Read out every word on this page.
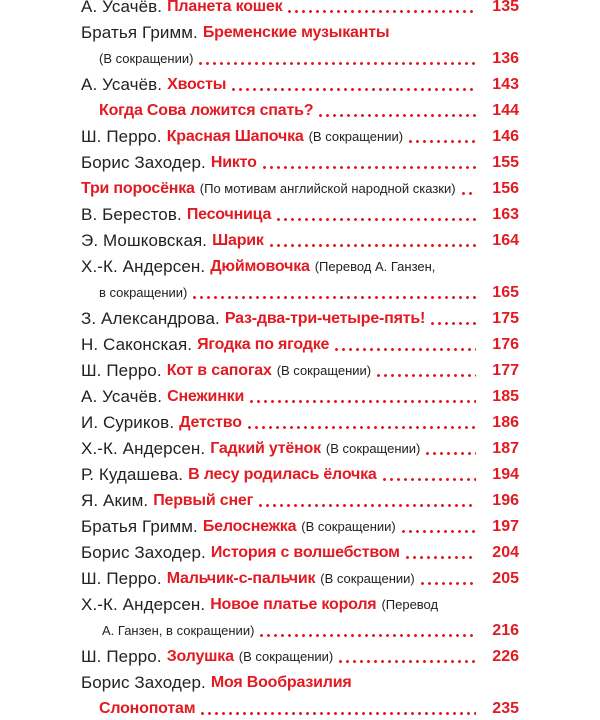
А. Усачёв. Планета кошек	135
Братья Гримм. Бременские музыканты
(В сокращении)	136
А. Усачёв. Хвосты	143
Когда Сова ложится спать?	144
Ш. Перро. Красная Шапочка (В сокращении)	146
Борис Заходер. Никто	155
Три поросёнка (По мотивам английской народной сказки) 156
В. Берестов. Песочница	163
Э. Мошковская. Шарик	164
Х.-К. Андерсен. Дюймовочка (Перевод А. Ганзен,
в сокращении)	165
З. Александрова. Раз-два-три-четыре-пять!	175
Н. Саконская. Ягодка по ягодке	176
Ш. Перро. Кот в сапогах (В сокращении)	177
А. Усачёв. Снежинки	185
И. Суриков. Детство	186
Х.-К. Андерсен. Гадкий утёнок (В сокращении)	187
Р. Кудашева. В лесу родилась ёлочка	194
Я. Аким. Первый снег	196
Братья Гримм. Белоснежка (В сокращении)	197
Борис Заходер. История с волшебством	204
Ш. Перро. Мальчик-с-пальчик (В сокращении)	205
Х.-К. Андерсен. Новое платье короля (Перевод
А. Ганзен, в сокращении)	216
Ш. Перро. Золушка (В сокращении)	226
Борис Заходер. Моя Вообразилия
Слонопотам	235
